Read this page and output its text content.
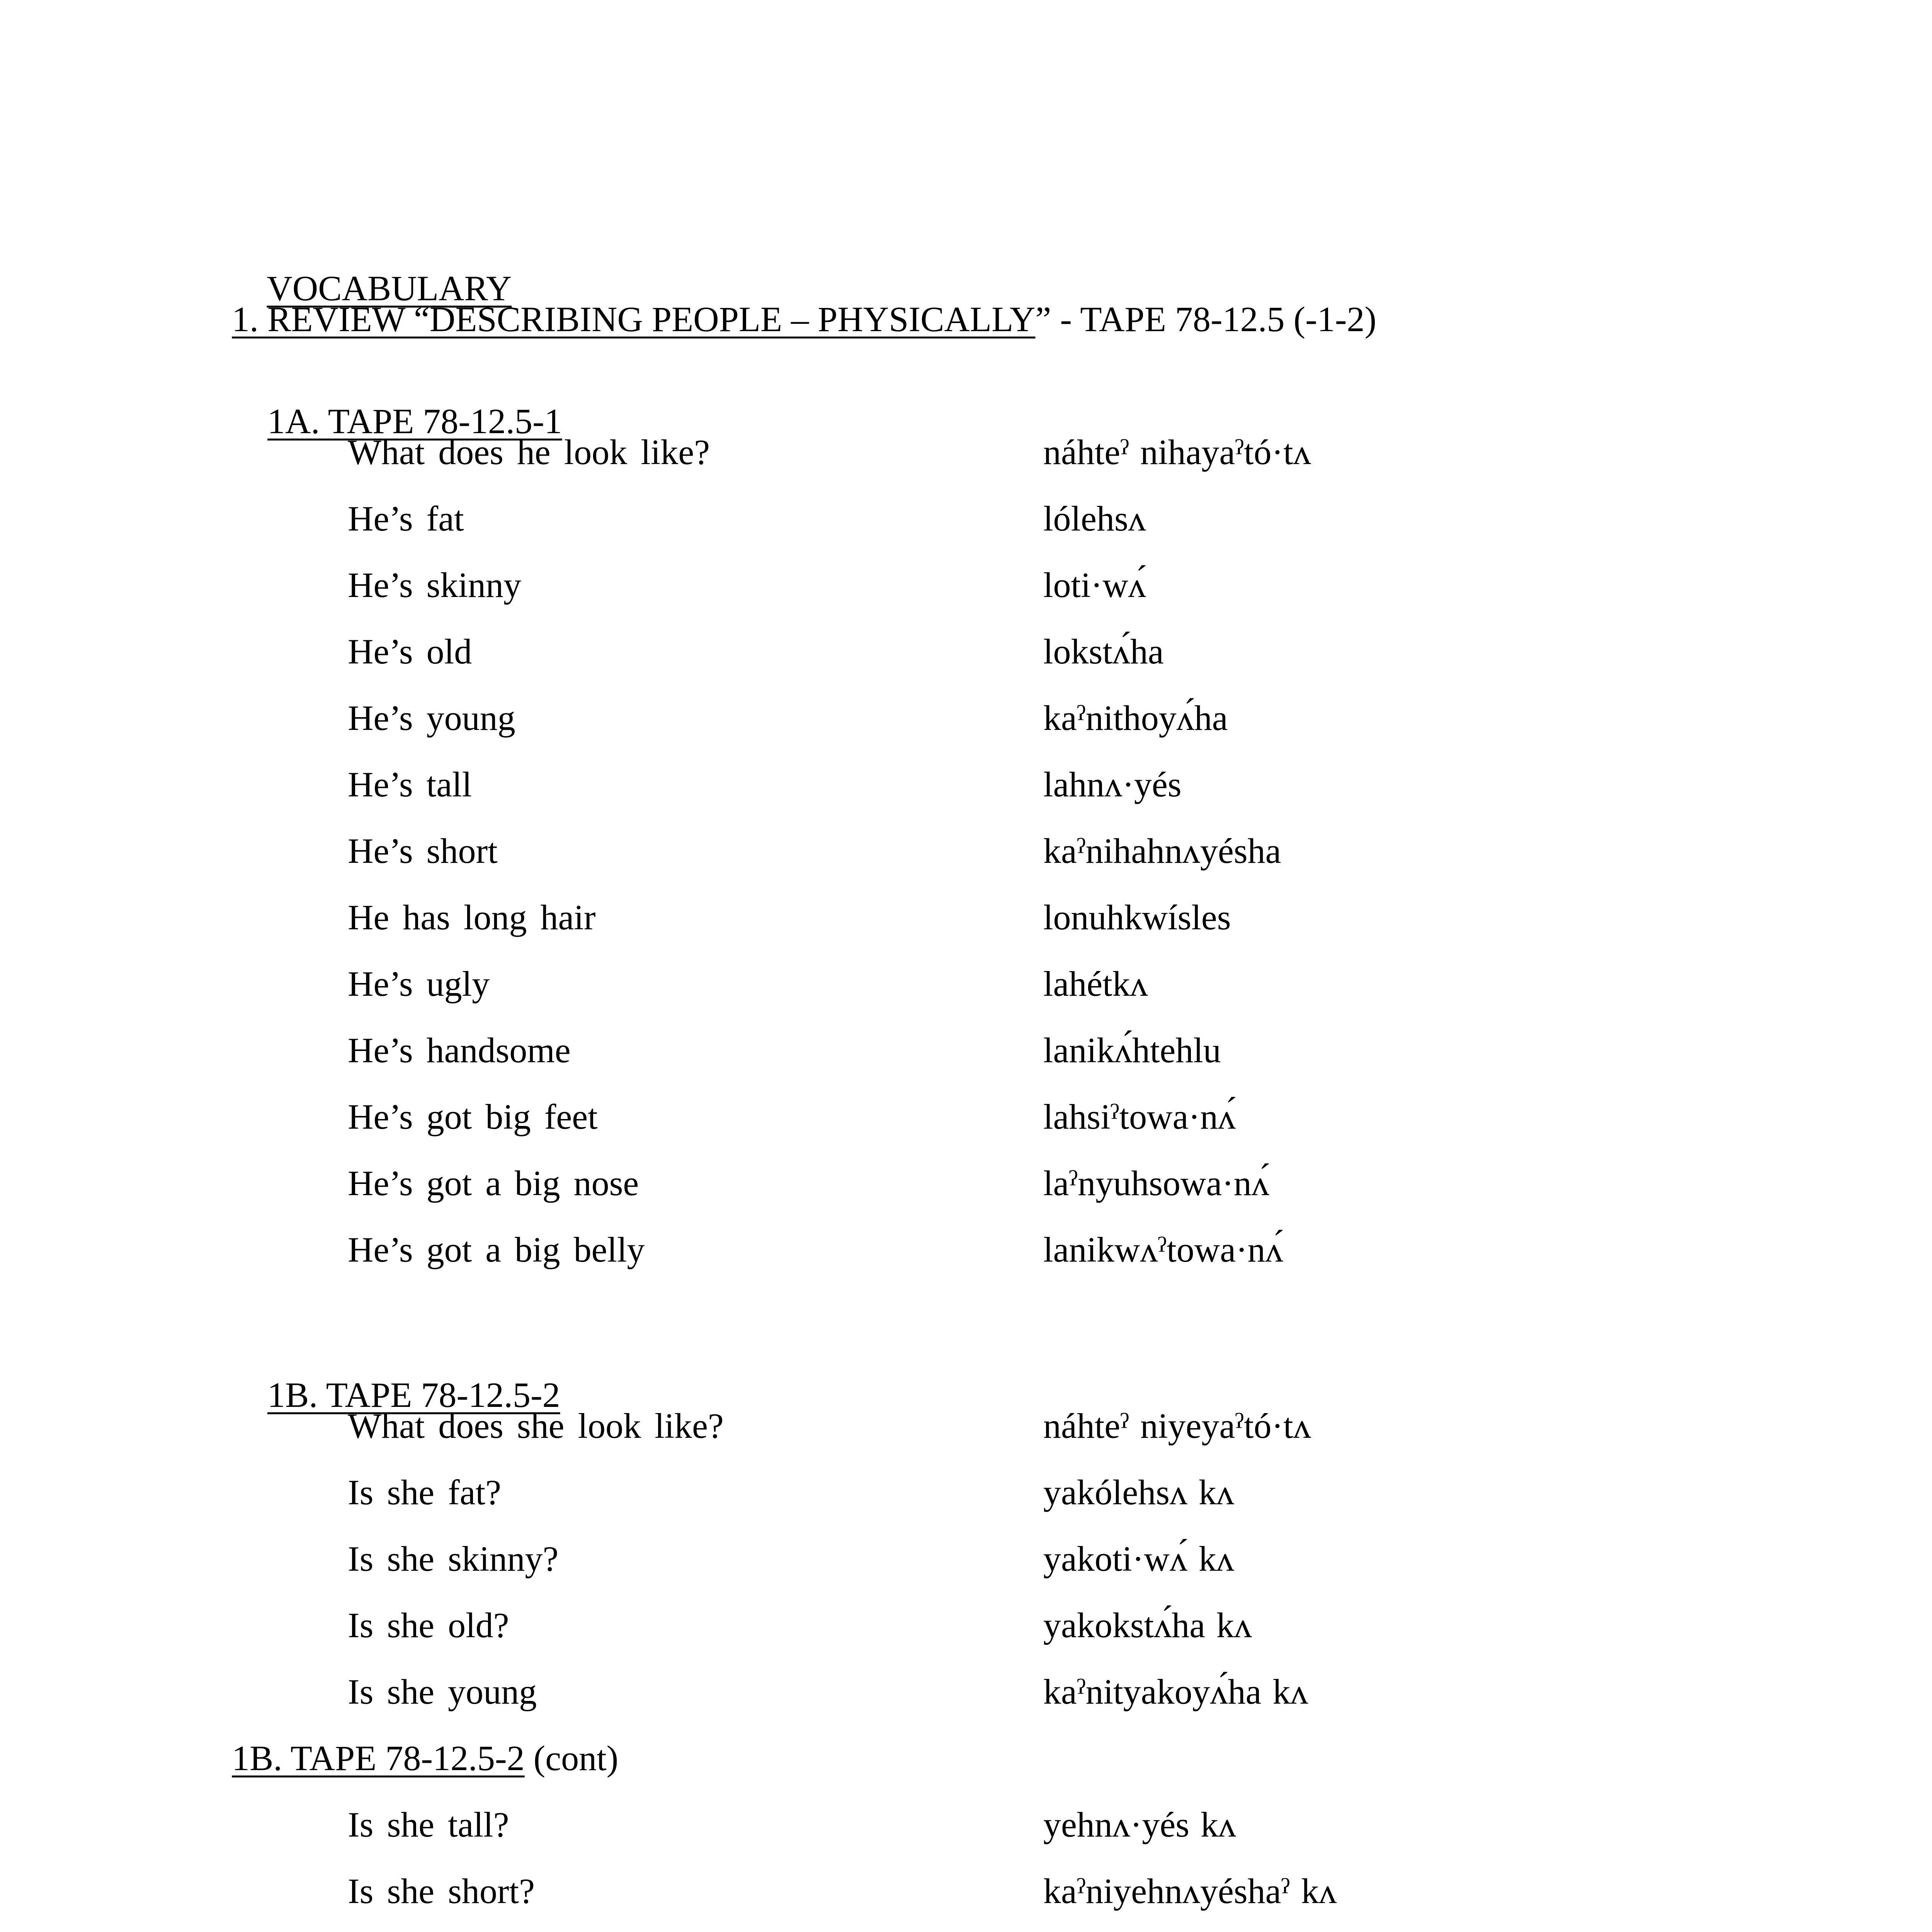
VOCABULARY

1. REVIEW “DESCRIBING PEOPLE – PHYSICALLY” - TAPE 78-12.5 (-1-2)

1A. TAPE 78-12.5-1

What does he look like?	náhteˀ nihayaˀtó·tʌ
He’s fat	lólehsʌ
He’s skinny	loti·wʌ́
He’s old	lokstʌ́ha
He’s young	kaˀnithoyʌ́ha
He’s tall	lahnʌ·yés
He’s short	kaˀnihahnʌyésha
He has long hair	lonuhkwísles
He’s ugly	lahétkʌ
He’s handsome	lanikʌ́htehlu
He’s got big feet	lahsiˀtowa·nʌ́
He’s got a big nose	laˀnyuhsowa·nʌ́
He’s got a big belly	lanikwʌˀtowa·nʌ́

1B. TAPE 78-12.5-2

What does she look like?	náhteˀ niyeyaˀtó·tʌ
Is she fat?	yakólehsʌ kʌ
Is she skinny?	yakoti·wʌ́ kʌ
Is she old?	yakokstʌ́ha kʌ
Is she young	kaˀnityakoyʌ́ha kʌ
1B. TAPE 78-12.5-2 (cont)
Is she tall?	yehnʌ·yés kʌ
Is she short?	kaˀniyehnʌyéshaˀ kʌ
